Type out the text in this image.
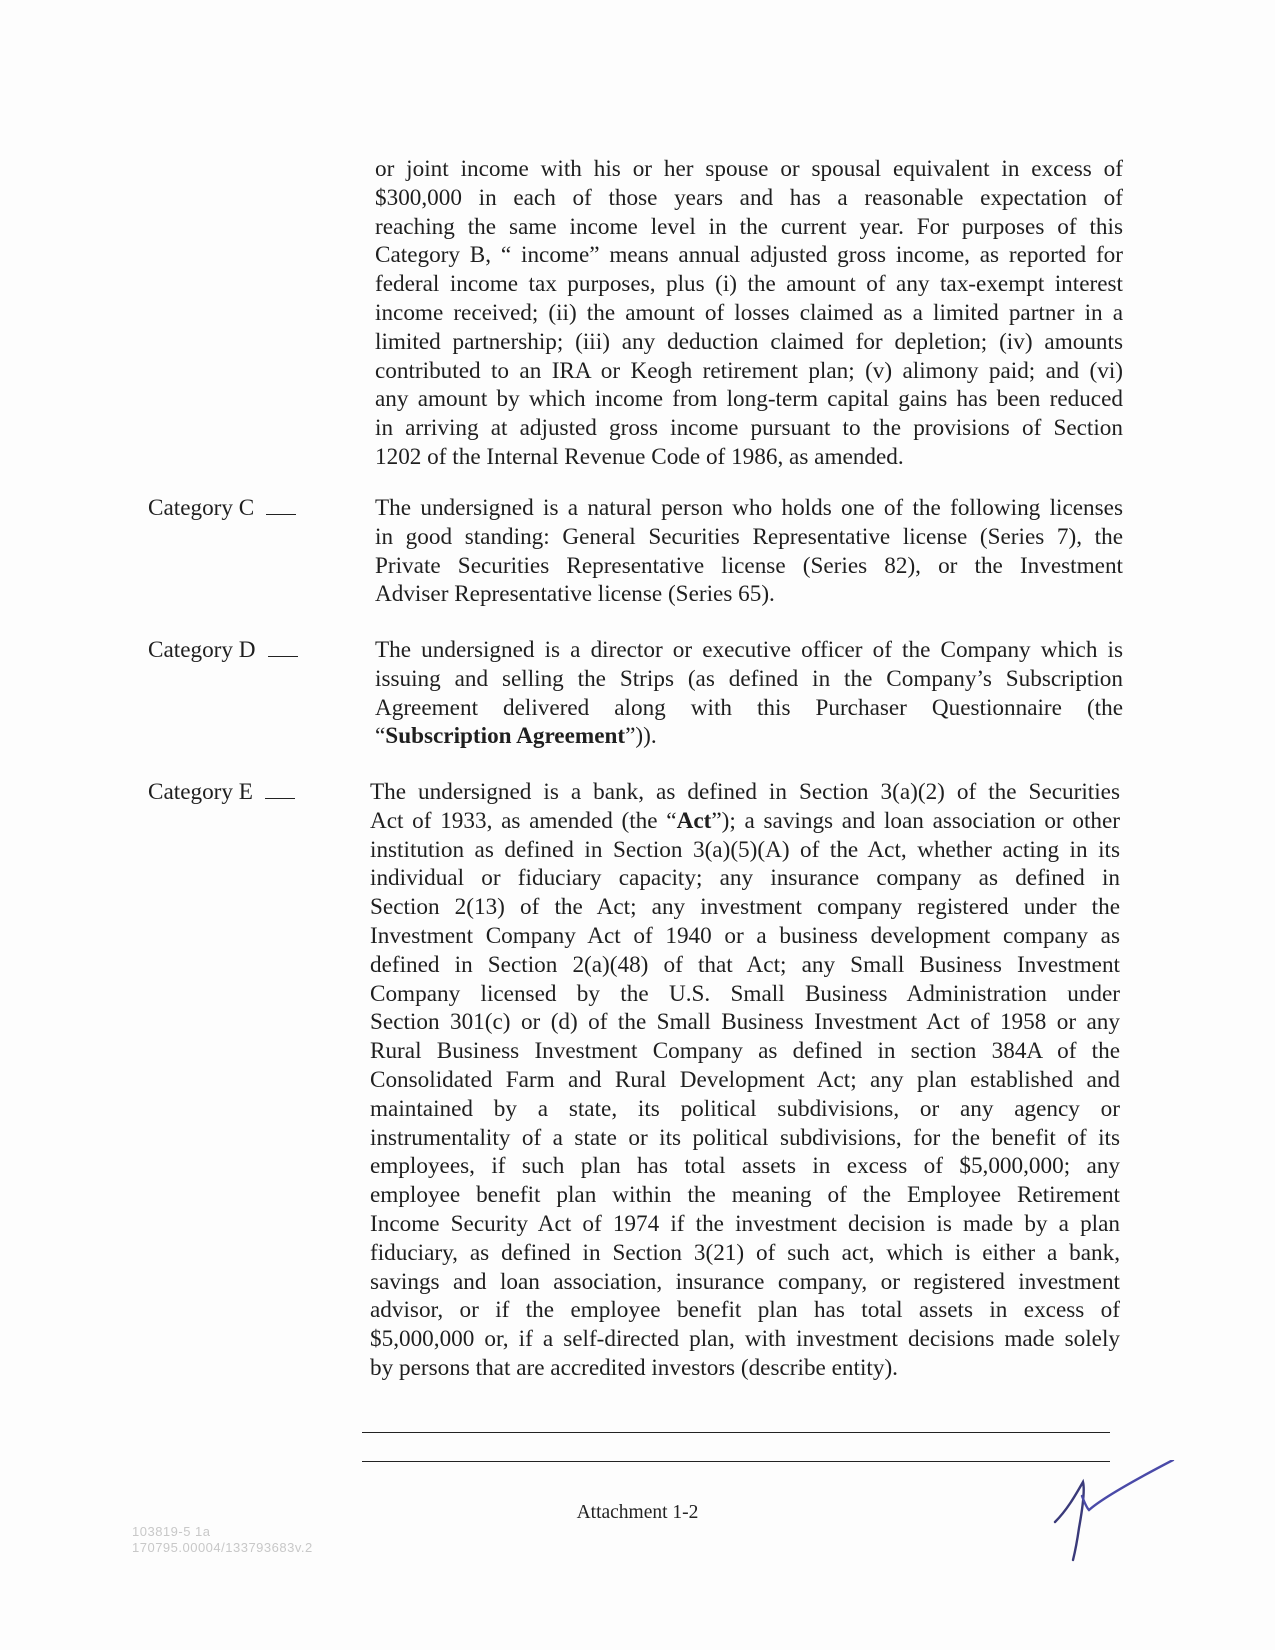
or joint income with his or her spouse or spousal equivalent in excess of
$300,000 in each of those years and has a reasonable expectation of
reaching the same income level in the current year. For purposes of this
Category B, “ income” means annual adjusted gross income, as reported for
federal income tax purposes, plus (i) the amount of any tax-exempt interest
income received; (ii) the amount of losses claimed as a limited partner in a
limited partnership; (iii) any deduction claimed for depletion; (iv) amounts
contributed to an IRA or Keogh retirement plan; (v) alimony paid; and (vi)
any amount by which income from long-term capital gains has been reduced
in arriving at adjusted gross income pursuant to the provisions of Section
1202 of the Internal Revenue Code of 1986, as amended.
Category C	The undersigned is a natural person who holds one of the following licenses
in good standing: General Securities Representative license (Series 7), the
Private Securities Representative license (Series 82), or the Investment
Adviser Representative license (Series 65).
Category D	The undersigned is a director or executive officer of the Company which is
issuing and selling the Strips (as defined in the Company’s Subscription
Agreement delivered along with this Purchaser Questionnaire (the
“Subscription Agreement”)).
Category E	The undersigned is a bank, as defined in Section 3(a)(2) of the Securities
Act of 1933, as amended (the “Act”); a savings and loan association or other
institution as defined in Section 3(a)(5)(A) of the Act, whether acting in its
individual or fiduciary capacity; any insurance company as defined in
Section 2(13) of the Act; any investment company registered under the
Investment Company Act of 1940 or a business development company as
defined in Section 2(a)(48) of that Act; any Small Business Investment
Company licensed by the U.S. Small Business Administration under
Section 301(c) or (d) of the Small Business Investment Act of 1958 or any
Rural Business Investment Company as defined in section 384A of the
Consolidated Farm and Rural Development Act; any plan established and
maintained by a state, its political subdivisions, or any agency or
instrumentality of a state or its political subdivisions, for the benefit of its
employees, if such plan has total assets in excess of $5,000,000; any
employee benefit plan within the meaning of the Employee Retirement
Income Security Act of 1974 if the investment decision is made by a plan
fiduciary, as defined in Section 3(21) of such act, which is either a bank,
savings and loan association, insurance company, or registered investment
advisor, or if the employee benefit plan has total assets in excess of
$5,000,000 or, if a self-directed plan, with investment decisions made solely
by persons that are accredited investors (describe entity).
Attachment 1-2
103819-5 1a
170795.00004/133793683v.2
